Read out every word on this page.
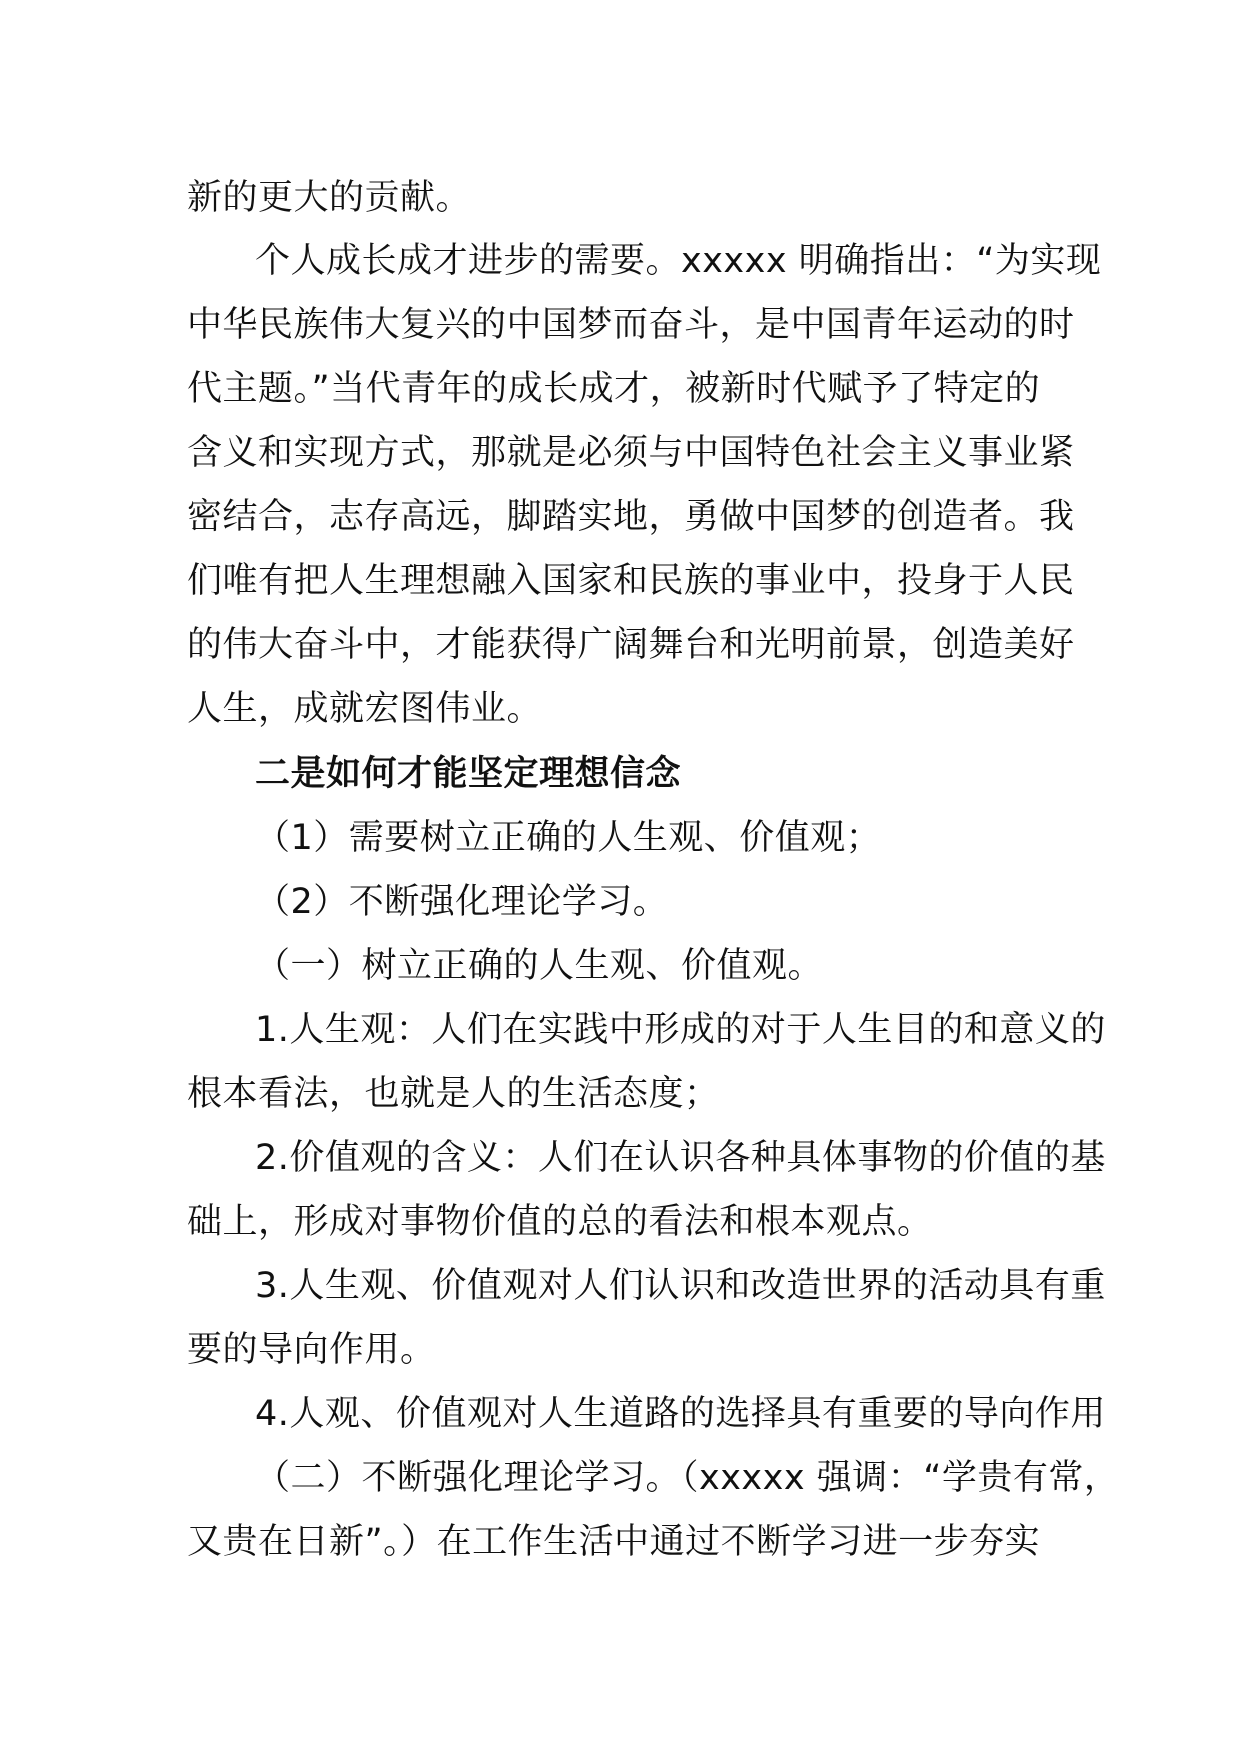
新的更大的贡献。
个人成长成才进步的需要。xxxxx 明确指出：“为实现
中华民族伟大复兴的中国梦而奋斗，是中国青年运动的时
代主题。”当代青年的成长成才，被新时代赋予了特定的
含义和实现方式，那就是必须与中国特色社会主义事业紧
密结合，志存高远，脚踏实地，勇做中国梦的创造者。我
们唯有把人生理想融入国家和民族的事业中，投身于人民
的伟大奋斗中，才能获得广阔舞台和光明前景，创造美好
人生，成就宏图伟业。
二是如何才能坚定理想信念
（1）需要树立正确的人生观、价值观；
（2）不断强化理论学习。
（一）树立正确的人生观、价值观。
1.人生观：人们在实践中形成的对于人生目的和意义的
根本看法，也就是人的生活态度；
2.价值观的含义：人们在认识各种具体事物的价值的基
础上，形成对事物价值的总的看法和根本观点。
3.人生观、价值观对人们认识和改造世界的活动具有重
要的导向作用。
4.人观、价值观对人生道路的选择具有重要的导向作用
（二）不断强化理论学习。（xxxxx 强调：“学贵有常，
又贵在日新”。）在工作生活中通过不断学习进一步夯实
